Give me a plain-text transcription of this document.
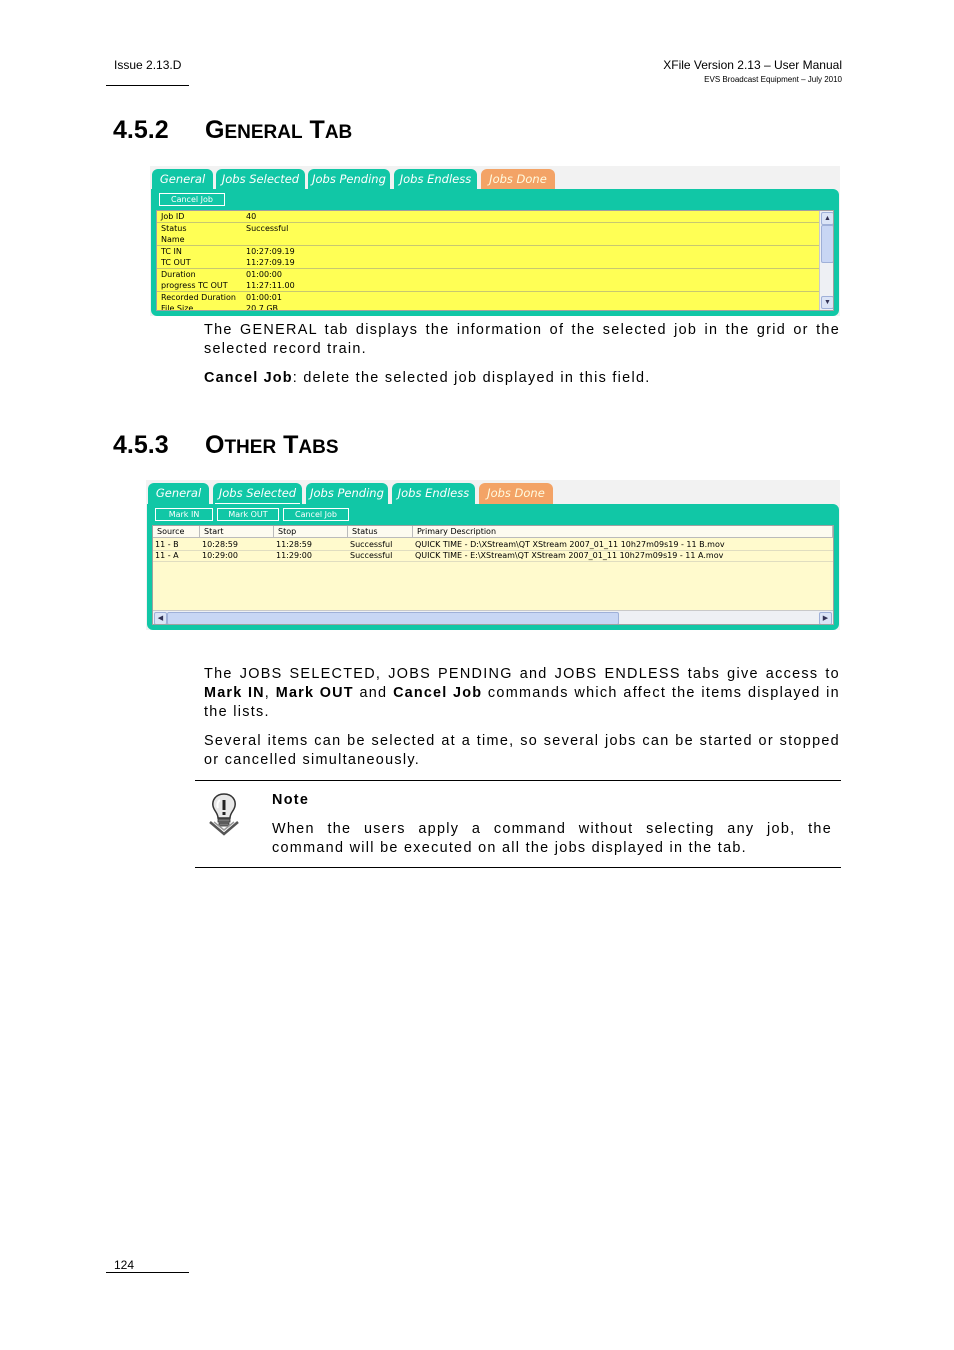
Issue 2.13.D	XFile Version 2.13 – User Manual
EVS Broadcast Equipment – July 2010
4.5.2 GENERAL TAB
General	Jobs Selected	Jobs Pending	Jobs Endless	Jobs Done
Cancel Job
Job ID	40
Status	Successful
Name
TC IN	10:27:09.19
TC OUT	11:27:09.19
Duration	01:00:00
progress TC OUT 11:27:11.00
Recorded Duration 01:00:01
File Size	20.7 GB
▲
▼
The GENERAL tab displays the information of the selected job in the grid or the selected record train.
Cancel Job: delete the selected job displayed in this field.
4.5.3 OTHER TABS
General	Jobs Selected	Jobs Pending	Jobs Endless	Jobs Done
Mark IN	Mark OUT	Cancel Job
Source	Start	Stop	Status	Primary Description
11 - B	10:28:59	11:28:59	Successful	QUICK TIME - D:\XStream\QT XStream 2007_01_11 10h27m09s19 - 11 B.mov
11 - A	10:29:00	11:29:00	Successful	QUICK TIME - E:\XStream\QT XStream 2007_01_11 10h27m09s19 - 11 A.mov
◀	▶
The JOBS SELECTED, JOBS PENDING and JOBS ENDLESS tabs give access to Mark IN, Mark OUT and Cancel Job commands which affect the items displayed in the lists.
Several items can be selected at a time, so several jobs can be started or stopped or cancelled simultaneously.
Note
When the users apply a command without selecting any job, the command will be executed on all the jobs displayed in the tab.
124
